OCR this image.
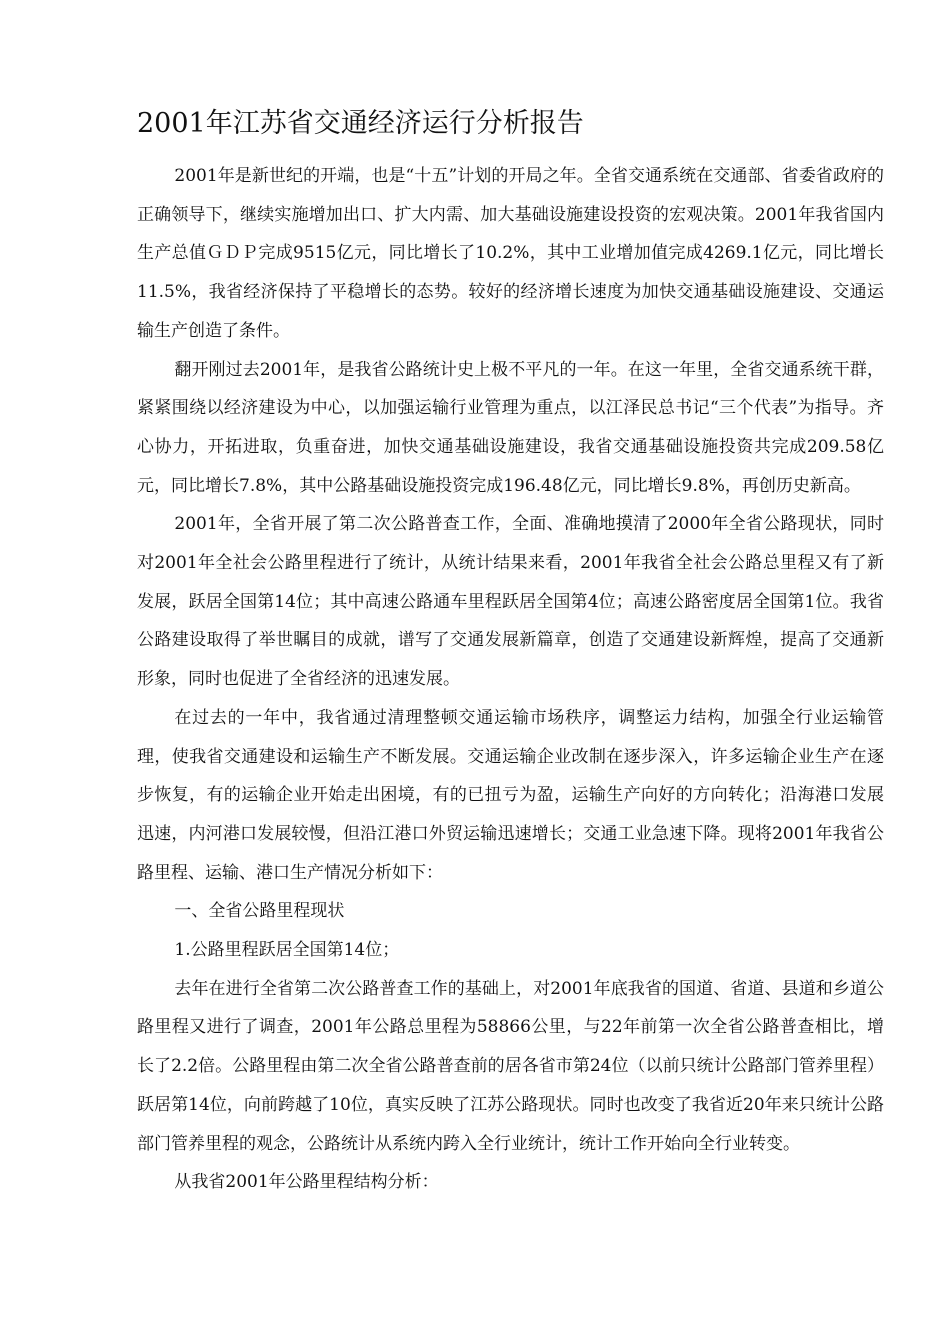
2001年江苏省交通经济运行分析报告

2001年是新世纪的开端，也是“十五”计划的开局之年。全省交通系统在交通部、省委省政府的正确领导下，继续实施增加出口、扩大内需、加大基础设施建设投资的宏观决策。2001年我省国内生产总值ＧＤＰ完成9515亿元，同比增长了10.2%，其中工业增加值完成4269.1亿元，同比增长11.5%，我省经济保持了平稳增长的态势。较好的经济增长速度为加快交通基础设施建设、交通运输生产创造了条件。

翻开刚过去2001年，是我省公路统计史上极不平凡的一年。在这一年里，全省交通系统干群，紧紧围绕以经济建设为中心，以加强运输行业管理为重点，以江泽民总书记“三个代表”为指导。齐心协力，开拓进取，负重奋进，加快交通基础设施建设，我省交通基础设施投资共完成209.58亿元，同比增长7.8%，其中公路基础设施投资完成196.48亿元，同比增长9.8%，再创历史新高。

2001年，全省开展了第二次公路普查工作，全面、准确地摸清了2000年全省公路现状，同时对2001年全社会公路里程进行了统计，从统计结果来看，2001年我省全社会公路总里程又有了新发展，跃居全国第14位；其中高速公路通车里程跃居全国第4位；高速公路密度居全国第1位。我省公路建设取得了举世瞩目的成就，谱写了交通发展新篇章，创造了交通建设新辉煌，提高了交通新形象，同时也促进了全省经济的迅速发展。

在过去的一年中，我省通过清理整顿交通运输市场秩序，调整运力结构，加强全行业运输管理，使我省交通建设和运输生产不断发展。交通运输企业改制在逐步深入，许多运输企业生产在逐步恢复，有的运输企业开始走出困境，有的已扭亏为盈，运输生产向好的方向转化；沿海港口发展迅速，内河港口发展较慢，但沿江港口外贸运输迅速增长；交通工业急速下降。现将2001年我省公路里程、运输、港口生产情况分析如下：

一、全省公路里程现状

1.公路里程跃居全国第14位；

去年在进行全省第二次公路普查工作的基础上，对2001年底我省的国道、省道、县道和乡道公路里程又进行了调查，2001年公路总里程为58866公里，与22年前第一次全省公路普查相比，增长了2.2倍。公路里程由第二次全省公路普查前的居各省市第24位（以前只统计公路部门管养里程）跃居第14位，向前跨越了10位，真实反映了江苏公路现状。同时也改变了我省近20年来只统计公路部门管养里程的观念，公路统计从系统内跨入全行业统计，统计工作开始向全行业转变。

从我省2001年公路里程结构分析：
